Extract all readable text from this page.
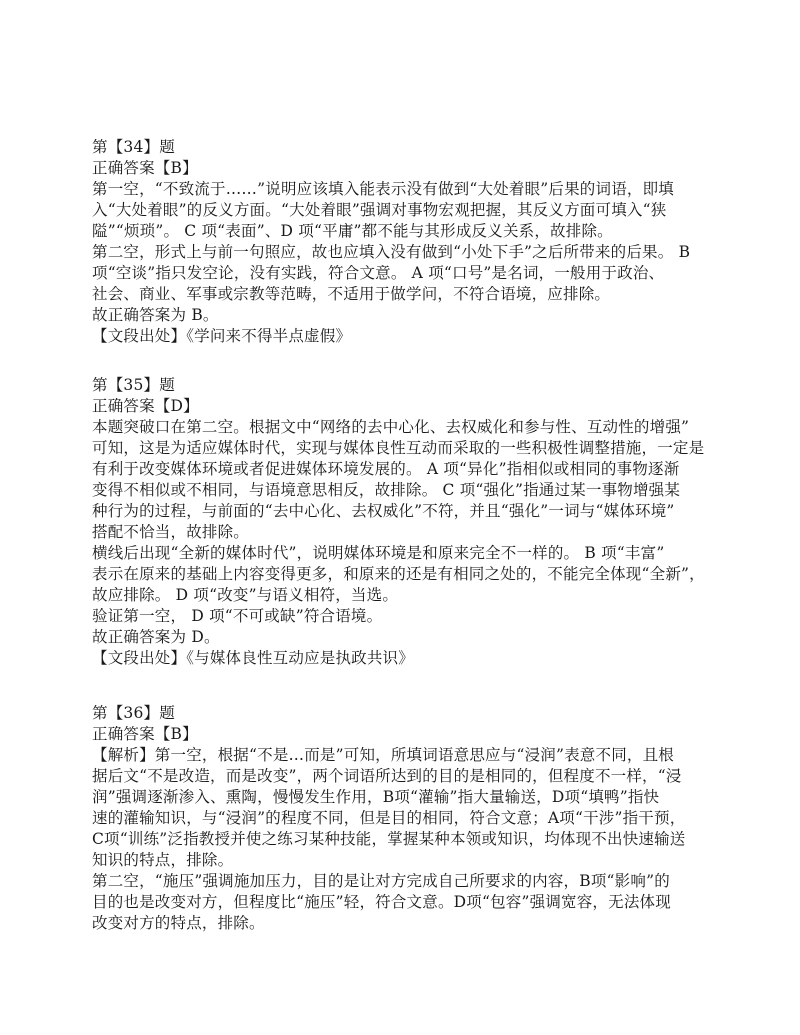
第【34】题
正确答案【B】
第一空，“不致流于……”说明应该填入能表示没有做到“大处着眼”后果的词语，即填
入“大处着眼”的反义方面。“大处着眼”强调对事物宏观把握，其反义方面可填入“狭
隘”“烦琐”。 C 项“表面”、D 项“平庸”都不能与其形成反义关系，故排除。
第二空，形式上与前一句照应，故也应填入没有做到“小处下手”之后所带来的后果。 B
项“空谈”指只发空论，没有实践，符合文意。 A 项“口号”是名词，一般用于政治、
社会、商业、军事或宗教等范畴，不适用于做学问，不符合语境，应排除。
故正确答案为 B。
【文段出处】《学问来不得半点虚假》
第【35】题
正确答案【D】
本题突破口在第二空。根据文中“网络的去中心化、去权威化和参与性、互动性的增强”
可知，这是为适应媒体时代，实现与媒体良性互动而采取的一些积极性调整措施，一定是
有利于改变媒体环境或者促进媒体环境发展的。 A 项“异化”指相似或相同的事物逐渐
变得不相似或不相同，与语境意思相反，故排除。 C 项“强化”指通过某一事物增强某
种行为的过程，与前面的“去中心化、去权威化”不符，并且“强化”一词与“媒体环境”
搭配不恰当，故排除。
横线后出现“全新的媒体时代”，说明媒体环境是和原来完全不一样的。 B 项“丰富”
表示在原来的基础上内容变得更多，和原来的还是有相同之处的，不能完全体现“全新”，
故应排除。 D 项“改变”与语义相符，当选。
验证第一空， D 项“不可或缺”符合语境。
故正确答案为 D。
【文段出处】《与媒体良性互动应是执政共识》
第【36】题
正确答案【B】
【解析】第一空，根据“不是…而是”可知，所填词语意思应与“浸润”表意不同，且根
据后文“不是改造，而是改变”，两个词语所达到的目的是相同的，但程度不一样，“浸
润”强调逐渐渗入、熏陶，慢慢发生作用，B项“灌输”指大量输送，D项“填鸭”指快
速的灌输知识，与“浸润”的程度不同，但是目的相同，符合文意；A项“干涉”指干预，
C项“训练”泛指教授并使之练习某种技能，掌握某种本领或知识，均体现不出快速输送
知识的特点，排除。
第二空，“施压”强调施加压力，目的是让对方完成自己所要求的内容，B项“影响”的
目的也是改变对方，但程度比“施压”轻，符合文意。D项“包容”强调宽容，无法体现
改变对方的特点，排除。
